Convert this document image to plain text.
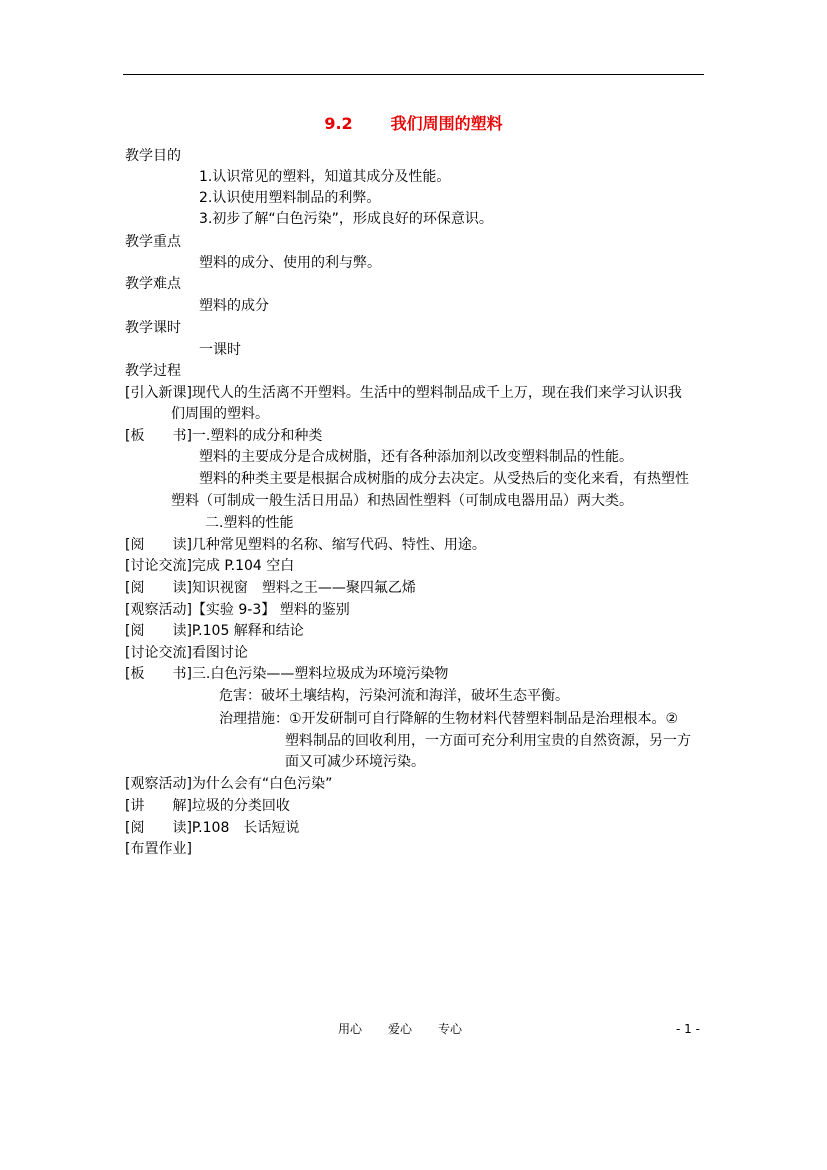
9.2 我们周围的塑料
教学目的
1.认识常见的塑料，知道其成分及性能。
2.认识使用塑料制品的利弊。
3.初步了解“白色污染”，形成良好的环保意识。
教学重点
塑料的成分、使用的利与弊。
教学难点
塑料的成分
教学课时
一课时
教学过程
[引入新课]现代人的生活离不开塑料。生活中的塑料制品成千上万，现在我们来学习认识我
们周围的塑料。
[板　　书]一.塑料的成分和种类
塑料的主要成分是合成树脂，还有各种添加剂以改变塑料制品的性能。
塑料的种类主要是根据合成树脂的成分去决定。从受热后的变化来看，有热塑性
塑料（可制成一般生活日用品）和热固性塑料（可制成电器用品）两大类。
二.塑料的性能
[阅　　读]几种常见塑料的名称、缩写代码、特性、用途。
[讨论交流]完成 P.104 空白
[阅　　读]知识视窗　塑料之王——聚四氟乙烯
[观察活动]【实验 9-3】 塑料的鉴别
[阅　　读]P.105 解释和结论
[讨论交流]看图讨论
[板　　书]三.白色污染——塑料垃圾成为环境污染物
危害：破坏土壤结构，污染河流和海洋，破坏生态平衡。
治理措施：①开发研制可自行降解的生物材料代替塑料制品是治理根本。②
塑料制品的回收利用，一方面可充分利用宝贵的自然资源，另一方
面又可减少环境污染。
[观察活动]为什么会有“白色污染”
[讲　　解]垃圾的分类回收
[阅　　读]P.108　长话短说
[布置作业]
用心 爱心 专心	- 1 -
